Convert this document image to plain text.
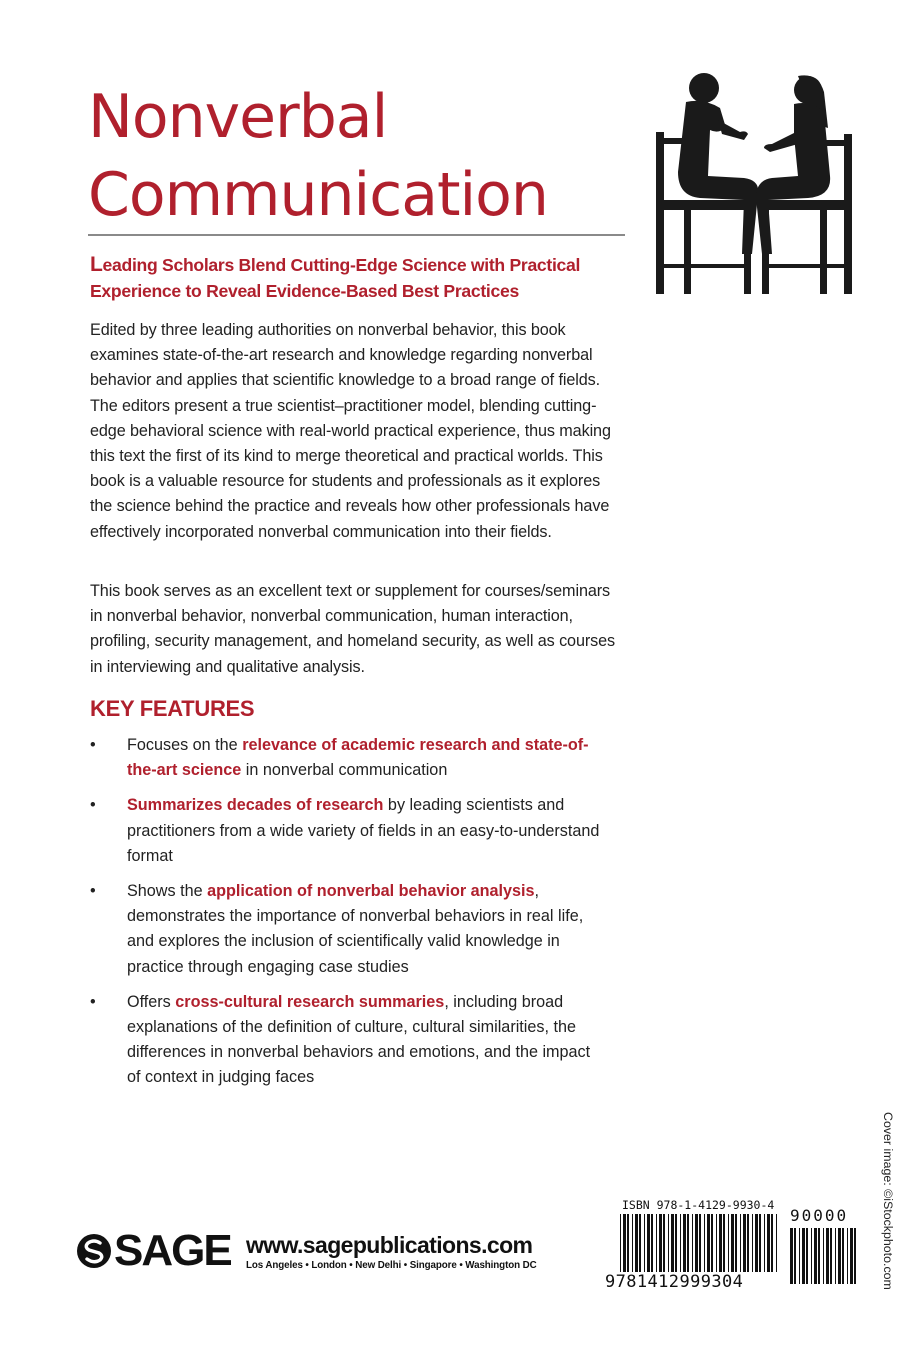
Nonverbal
Communication

Leading Scholars Blend Cutting-Edge Science with Practical Experience to Reveal Evidence-Based Best Practices

Edited by three leading authorities on nonverbal behavior, this book examines state-of-the-art research and knowledge regarding nonverbal behavior and applies that scientific knowledge to a broad range of fields. The editors present a true scientist–practitioner model, blending cutting-edge behavioral science with real-world practical experience, thus making this text the first of its kind to merge theoretical and practical worlds. This book is a valuable resource for students and professionals as it explores the science behind the practice and reveals how other professionals have effectively incorporated nonverbal communication into their fields.

This book serves as an excellent text or supplement for courses/seminars in nonverbal behavior, nonverbal communication, human interaction, profiling, security management, and homeland security, as well as courses in interviewing and qualitative analysis.

KEY FEATURES
• Focuses on the relevance of academic research and state-of-the-art science in nonverbal communication
• Summarizes decades of research by leading scientists and practitioners from a wide variety of fields in an easy-to-understand format
• Shows the application of nonverbal behavior analysis, demonstrates the importance of nonverbal behaviors in real life, and explores the inclusion of scientifically valid knowledge in practice through engaging case studies
• Offers cross-cultural research summaries, including broad explanations of the definition of culture, cultural similarities, the differences in nonverbal behaviors and emotions, and the impact of context in judging faces
Cover image: ©iStockphoto.com
SAGE www.sagepublications.com
Los Angeles • London • New Delhi • Singapore • Washington DC
ISBN 978-1-4129-9930-4
9781412999304
90000
